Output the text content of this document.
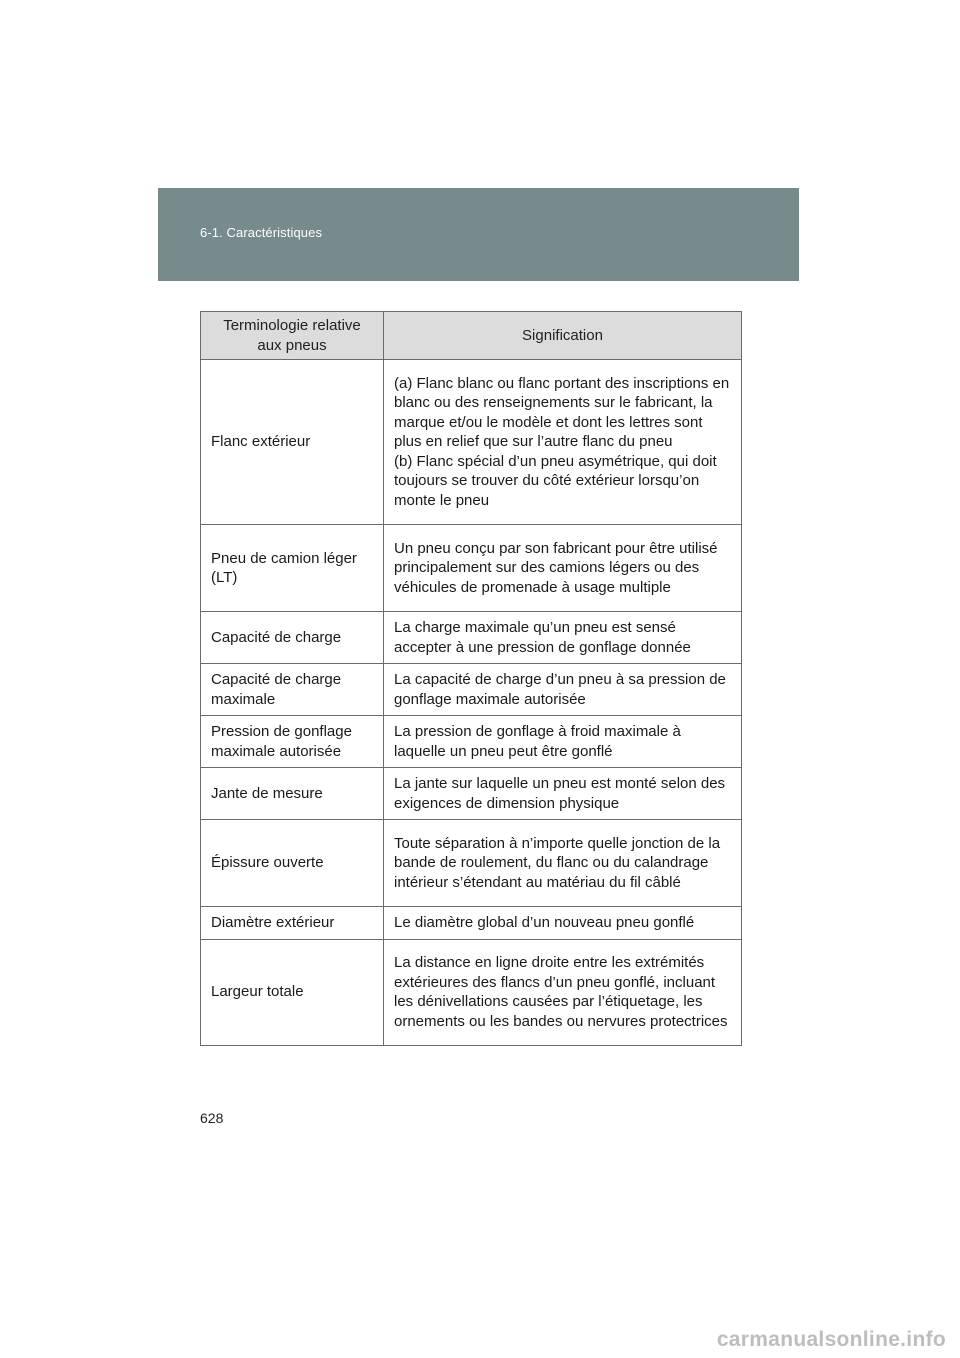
6-1. Caractéristiques
Terminologie relative aux pneus	Signification
Flanc extérieur	(a) Flanc blanc ou flanc portant des inscriptions en blanc ou des renseignements sur le fabricant, la marque et/ou le modèle et dont les lettres sont plus en relief que sur l’autre flanc du pneu
(b) Flanc spécial d’un pneu asymétrique, qui doit toujours se trouver du côté extérieur lorsqu’on monte le pneu
Pneu de camion léger (LT)	Un pneu conçu par son fabricant pour être utilisé principalement sur des camions légers ou des véhicules de promenade à usage multiple
Capacité de charge	La charge maximale qu’un pneu est sensé accepter à une pression de gonflage donnée
Capacité de charge maximale	La capacité de charge d’un pneu à sa pression de gonflage maximale autorisée
Pression de gonflage maximale autorisée	La pression de gonflage à froid maximale à laquelle un pneu peut être gonflé
Jante de mesure	La jante sur laquelle un pneu est monté selon des exigences de dimension physique
Épissure ouverte	Toute séparation à n’importe quelle jonction de la bande de roulement, du flanc ou du calandrage intérieur s’étendant au matériau du fil câblé
Diamètre extérieur	Le diamètre global d’un nouveau pneu gonflé
Largeur totale	La distance en ligne droite entre les extrémités extérieures des flancs d’un pneu gonflé, incluant les dénivellations causées par l’étiquetage, les ornements ou les bandes ou nervures protectrices
628
carmanualsonline.info
